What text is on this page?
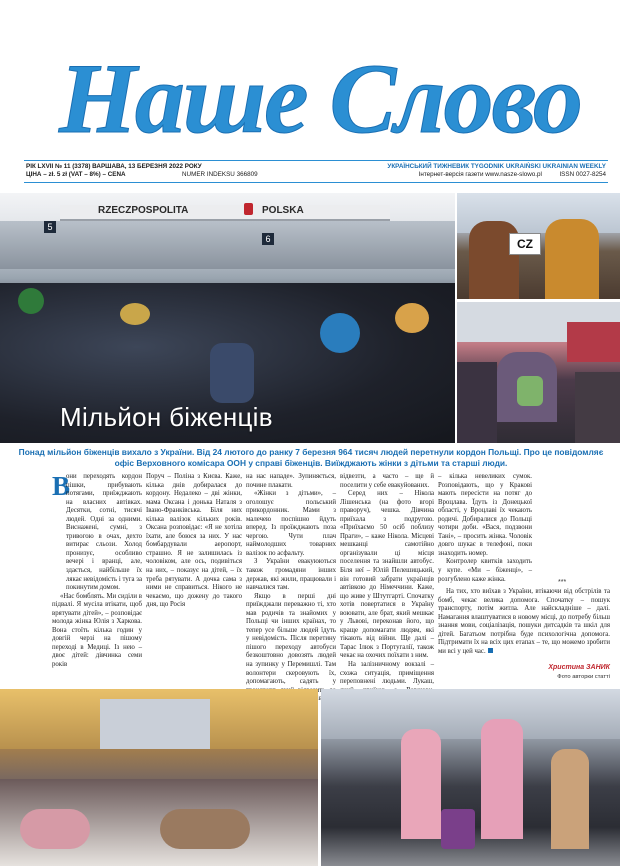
Наше Слово
РІК LXVII № 11 (3378) ВАРШАВА, 13 БЕРЕЗНЯ 2022 РОКУ	УКРАЇНСЬКИЙ ТИЖНЕВИК TYGODNIK UKRAIŃSKI UKRAINIAN WEEKLY
ЦІНА – zł. 5 zł (VAT – 8%) – CENA	NUMER INDEKSU 366809	Інтернет-версія газети www.nasze-slowo.pl	ISSN 0027-8254
RZECZPOSPOLITA	POLSKA
5
6
Мільйон біженців
CZ
Понад мільйон біженців вихало з України. Від 24 лютого до ранку 7 березня 964 тисяч людей перетнули кордон Польщі. Про це повідомляє офіс Верховного комісара ООН у справі біженців. Виїжджають жінки з дітьми та старші люди.
В

они переходять кордон пішки, прибувають потягами, приїжджають на власних автівках. Десятки, сотні, тисячі людей. Одні за одними. Виснажені, сумні, з тривогою в очах, дехто витирає сльози. Холод пронизує, особливо вечері і вранці, але, здається, найбільше їх лякає невідомість і туга за покинутим домом.

«Нас бомблять. Ми сиділи в підвалі. Я мусіла втікати, щоб врятувати дітей», – розповідає молода жінка Юлія з Харкова. Вона стоїть кілька годин у довгій черзі на пішому переході в Медиці. Із нею – двоє дітей: дівчинка семи років

Поруч – Поліна з Києва. Каже, кілька днів добиралася до кордону. Недалеко – дві жінки, мама Оксана і донька Наталя з Івано-Франківська. Біля них кілька валізок кільких років. Оксана розповідає: «Я не хотіла їхати, але боюся за них. У нас бомбардували аеропорт, страшно. Я не залишилась із чоловіком, але ось, подивіться на них, – показує на дітей, – їх треба рятувати. А дочка сама з ними не справиться. Нікого не чекаємо, що дожену до такого дня, що Росія

на нас нападе». Зупиняється, почине плакати.

«Жінки з дітьми», – оголошує польський прикордонник. Мами з малечею поспішно йдуть вперед. Із проїжджають поза чергою. Чути плач наймолодших товарних валізок по асфальту.

З України евакуюються також громадяни інших держав, які жили, працювали і навчалися там.

Якщо в перші дні приїжджали переважно ті, хто мав родичів та знайомих у Польщі чи інших країнах, то тепер усе більше людей їдуть у невідомість. Після перетину пішого переходу автобуси безкоштовно довозять людей на зупинку у Перемишлі. Там волонтери скеровують їх, допомагають, садять у

відвезти, а часто – ще й поселити у себе евакуйованих.

Серед них – Нікола Лішенська (на фото вгорі праворуч), чешка. Дівчина приїхала з подругою. «Приїхаємо 50 осіб поблизу Праги», – каже Нікола. Місцеві мешканці самотійно організували ці місця поселення та знайшли автобус. Біля неї – Юлій Пелешицький, він готовий забрати українців автівкою до Німеччини. Каже, що живе у Штутгарті. Спочатку хотів повертатися в Україну воювати, але брат, який мешкає у Львові, переконав його, що краще допомагати людям, які тікають від війни. Ще далі – Тарас Ілюк з Португалії, також чекає на охочих поїхати з ним.

На залізничному вокзалі – схожа ситуація, приміщення переповнені людьми. Лукаш,

– кілька невеликих сумок. Розповідають, що у Кракові мають пересісти на потяг до Вроцлава. Їдуть із Донецької області, у Вроцлаві їх чекають родичі. Добиралися до Польщі чотири доби. «Вася, подзвони Тані», – просить жінка. Чоловік довго шукає в телефоні, поки знаходить номер.

Контролер квитків заходить у купе. «Ми – біженці», – розгублено каже жінка.	***

На тих, хто виїхав з України, втікаючи від обстрілів та бомб, чекає велика допомога. Спочатку – пошук транспорту, потім житла. Але найскладніше – далі. Намагання влаштуватися в новому місці, до потребу більш знання мови, соціалізація, пошуки дитсадків та шкіл для дітей. Багатьом потрібна буде психологічна допомога. Підтримати їх на всіх цих етапах – те, що можемо зробити ми всі у цей час.

Христина ЗАНИК
Фото авторки статті
